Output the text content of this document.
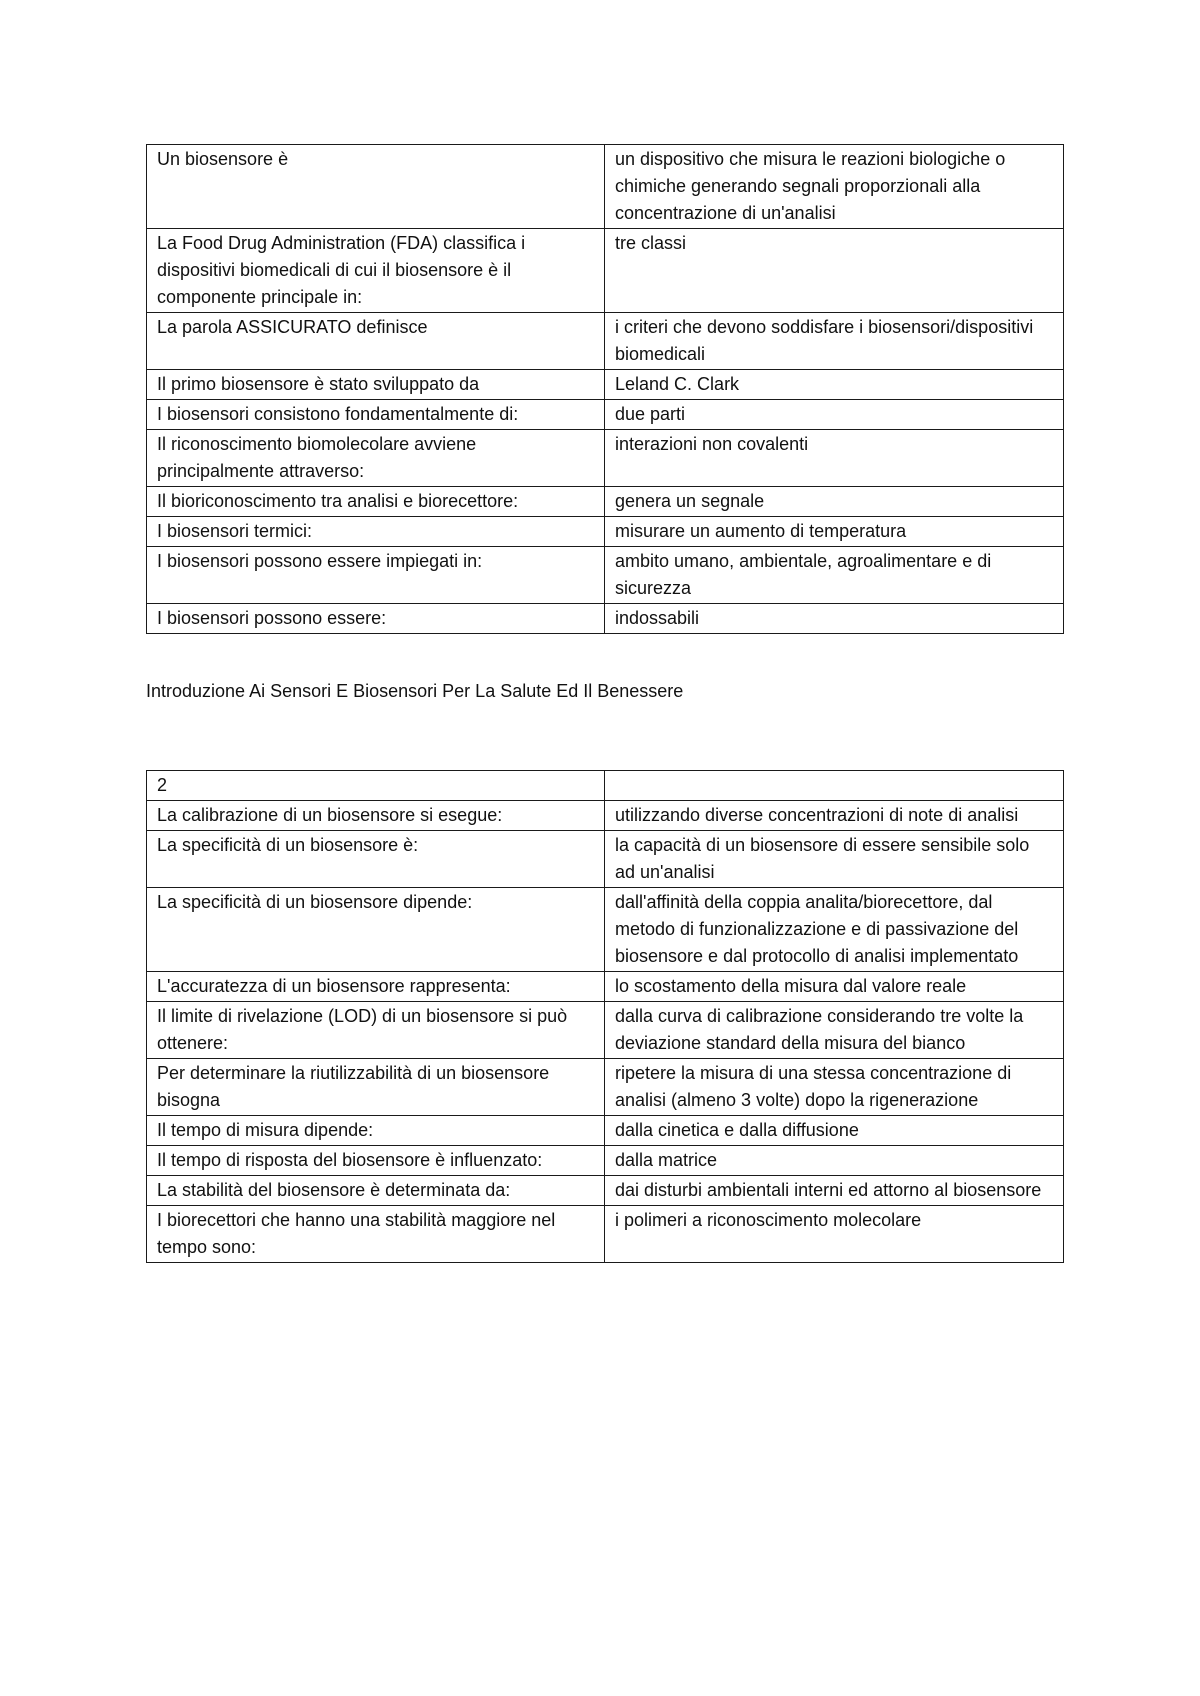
Un biosensore è	un dispositivo che misura le reazioni biologiche o chimiche generando segnali proporzionali alla concentrazione di un'analisi
La Food Drug Administration (FDA) classifica i dispositivi biomedicali di cui il biosensore è il componente principale in:	tre classi
La parola ASSICURATO definisce	i criteri che devono soddisfare i biosensori/dispositivi biomedicali
Il primo biosensore è stato sviluppato da	Leland C. Clark
I biosensori consistono fondamentalmente di:	due parti
Il riconoscimento biomolecolare avviene principalmente attraverso:	interazioni non covalenti
Il bioriconoscimento tra analisi e biorecettore:	genera un segnale
I biosensori termici:	misurare un aumento di temperatura
I biosensori possono essere impiegati in:	ambito umano, ambientale, agroalimentare e di sicurezza
I biosensori possono essere:	indossabili

Introduzione Ai Sensori E Biosensori Per La Salute Ed Il Benessere

2	
La calibrazione di un biosensore si esegue:	utilizzando diverse concentrazioni di note di analisi
La specificità di un biosensore è:	la capacità di un biosensore di essere sensibile solo ad un'analisi
La specificità di un biosensore dipende:	dall'affinità della coppia analita/biorecettore, dal metodo di funzionalizzazione e di passivazione del biosensore e dal protocollo di analisi implementato
L'accuratezza di un biosensore rappresenta:	lo scostamento della misura dal valore reale
Il limite di rivelazione (LOD) di un biosensore si può ottenere:	dalla curva di calibrazione considerando tre volte la deviazione standard della misura del bianco
Per determinare la riutilizzabilità di un biosensore bisogna	ripetere la misura di una stessa concentrazione di analisi (almeno 3 volte) dopo la rigenerazione
Il tempo di misura dipende:	dalla cinetica e dalla diffusione
Il tempo di risposta del biosensore è influenzato:	dalla matrice
La stabilità del biosensore è determinata da:	dai disturbi ambientali interni ed attorno al biosensore
I biorecettori che hanno una stabilità maggiore nel tempo sono:	i polimeri a riconoscimento molecolare
